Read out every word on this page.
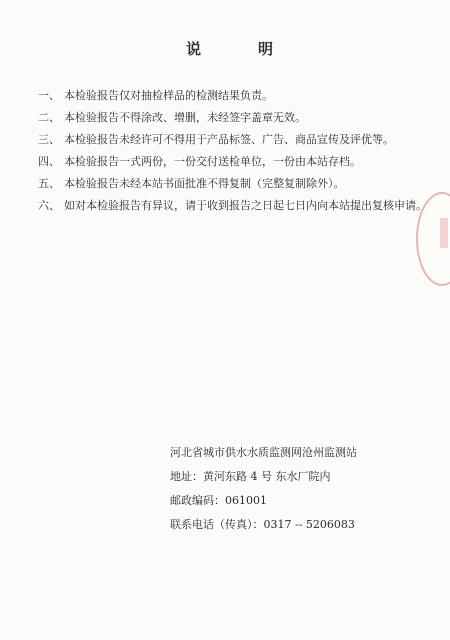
说	明
一、 本检验报告仅对抽检样品的检测结果负责。
二、 本检验报告不得涂改、增删，未经签字盖章无效。
三、 本检验报告未经许可不得用于产品标签、广告、商品宣传及评优等。
四、 本检验报告一式两份，一份交付送检单位，一份由本站存档。
五、 本检验报告未经本站书面批准不得复制（完整复制除外）。
六、 如对本检验报告有异议，请于收到报告之日起七日内向本站提出复核申请。
河北省城市供水水质监测网沧州监测站
地址：黄河东路 4 号 东水厂院内
邮政编码：061001
联系电话（传真）：0317 -- 5206083
